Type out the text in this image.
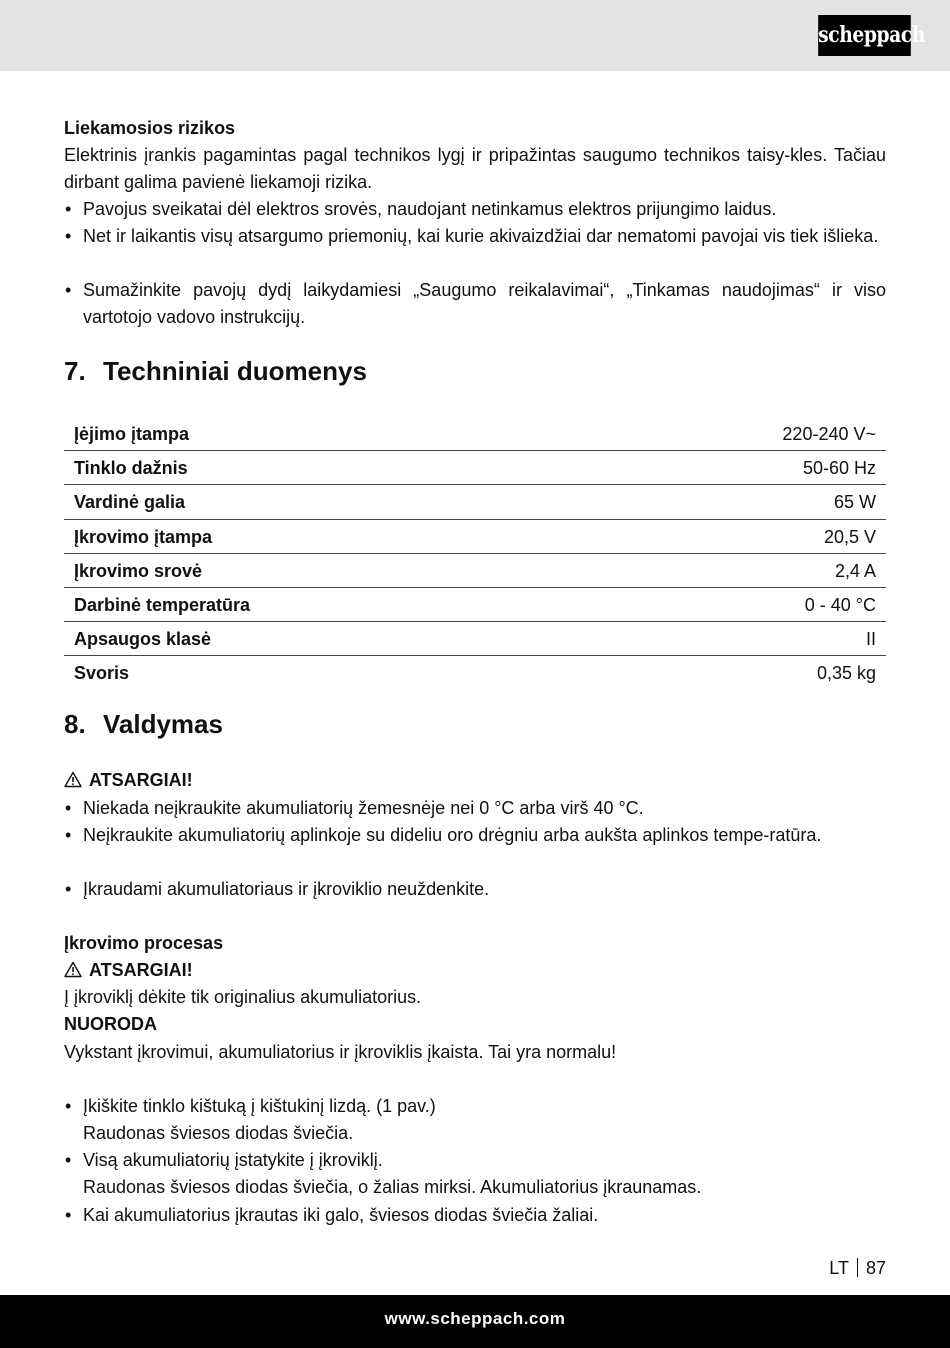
scheppach
Liekamosios rizikos
Elektrinis įrankis pagamintas pagal technikos lygį ir pripažintas saugumo technikos taisy-kles. Tačiau dirbant galima pavienė liekamoji rizika.
• Pavojus sveikatai dėl elektros srovės, naudojant netinkamus elektros prijungimo laidus.
• Net ir laikantis visų atsargumo priemonių, kai kurie akivaizdžiai dar nematomi pavojai vis tiek išlieka.
• Sumažinkite pavojų dydį laikydamiesi „Saugumo reikalavimai“, „Tinkamas naudojimas“ ir viso vartotojo vadovo instrukcijų.
7. Techniniai duomenys
Įėjimo įtampa	220-240 V~
Tinklo dažnis	50-60 Hz
Vardinė galia	65 W
Įkrovimo įtampa	20,5 V
Įkrovimo srovė	2,4 A
Darbinė temperatūra	0 - 40 °C
Apsaugos klasė	II
Svoris	0,35 kg
8. Valdymas
ATSARGIAI!
• Niekada neįkraukite akumuliatorių žemesnėje nei 0 °C arba virš 40 °C.
• Neįkraukite akumuliatorių aplinkoje su dideliu oro drėgniu arba aukšta aplinkos tempe-ratūra.
• Įkraudami akumuliatoriaus ir įkroviklio neuždenkite.
Įkrovimo procesas
ATSARGIAI!
Į įkroviklį dėkite tik originalius akumuliatorius.
NUORODA
Vykstant įkrovimui, akumuliatorius ir įkroviklis įkaista. Tai yra normalu!
• Įkiškite tinklo kištuką į kištukinį lizdą. (1 pav.)
Raudonas šviesos diodas šviečia.
• Visą akumuliatorių įstatykite į įkroviklį.
Raudonas šviesos diodas šviečia, o žalias mirksi. Akumuliatorius įkraunamas.
• Kai akumuliatorius įkrautas iki galo, šviesos diodas šviečia žaliai.
LT 87
www.scheppach.com
